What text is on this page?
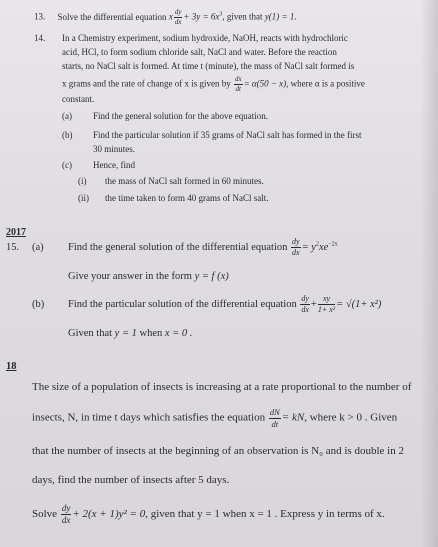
13. Solve the differential equation x $\frac{dy}{dx} + 3y = 6x^3$, given that y(1) = 1.
14. In a Chemistry experiment, sodium hydroxide, NaOH, reacts with hydrochloric
acid, HCl, to form sodium chloride salt, NaCl and water. Before the reaction
starts, no NaCl salt is formed. At time t (minute), the mass of NaCl salt formed is
x grams and the rate of change of x is given by $\frac{dx}{dt} = \alpha(50 - x)$, where α is a positive
constant.
(a) Find the general solution for the above equation.
(b) Find the particular solution if 35 grams of NaCl salt has formed in the first
30 minutes.
(c) Hence, find
(i) the mass of NaCl salt formed in 60 minutes.
(ii) the time taken to form 40 grams of NaCl salt.
2017
15. (a) Find the general solution of the differential equation $\frac{dy}{dx} = y^2xe^{-2x}$
Give your answer in the form y = f (x)
(b) Find the particular solution of the differential equation $\frac{dy}{dx} + \frac{xy}{\text{1+ x²}} = √(1+ x^2)$
Given that y = 1 when x = 0 .
18
The size of a population of insects is increasing at a rate proportional to the number of
insects, N, in time t days which satisfies the equation $\frac{dN}{dt}$ = kN, where k > 0 . Given
that the number of insects at the beginning of an observation is N₀ and is double in 2
days, find the number of insects after 5 days.
Solve $\frac{dy}{dx} + 2(x + 1)y^2 = 0$, given that y = 1 when x = 1 . Express y in terms of x.
